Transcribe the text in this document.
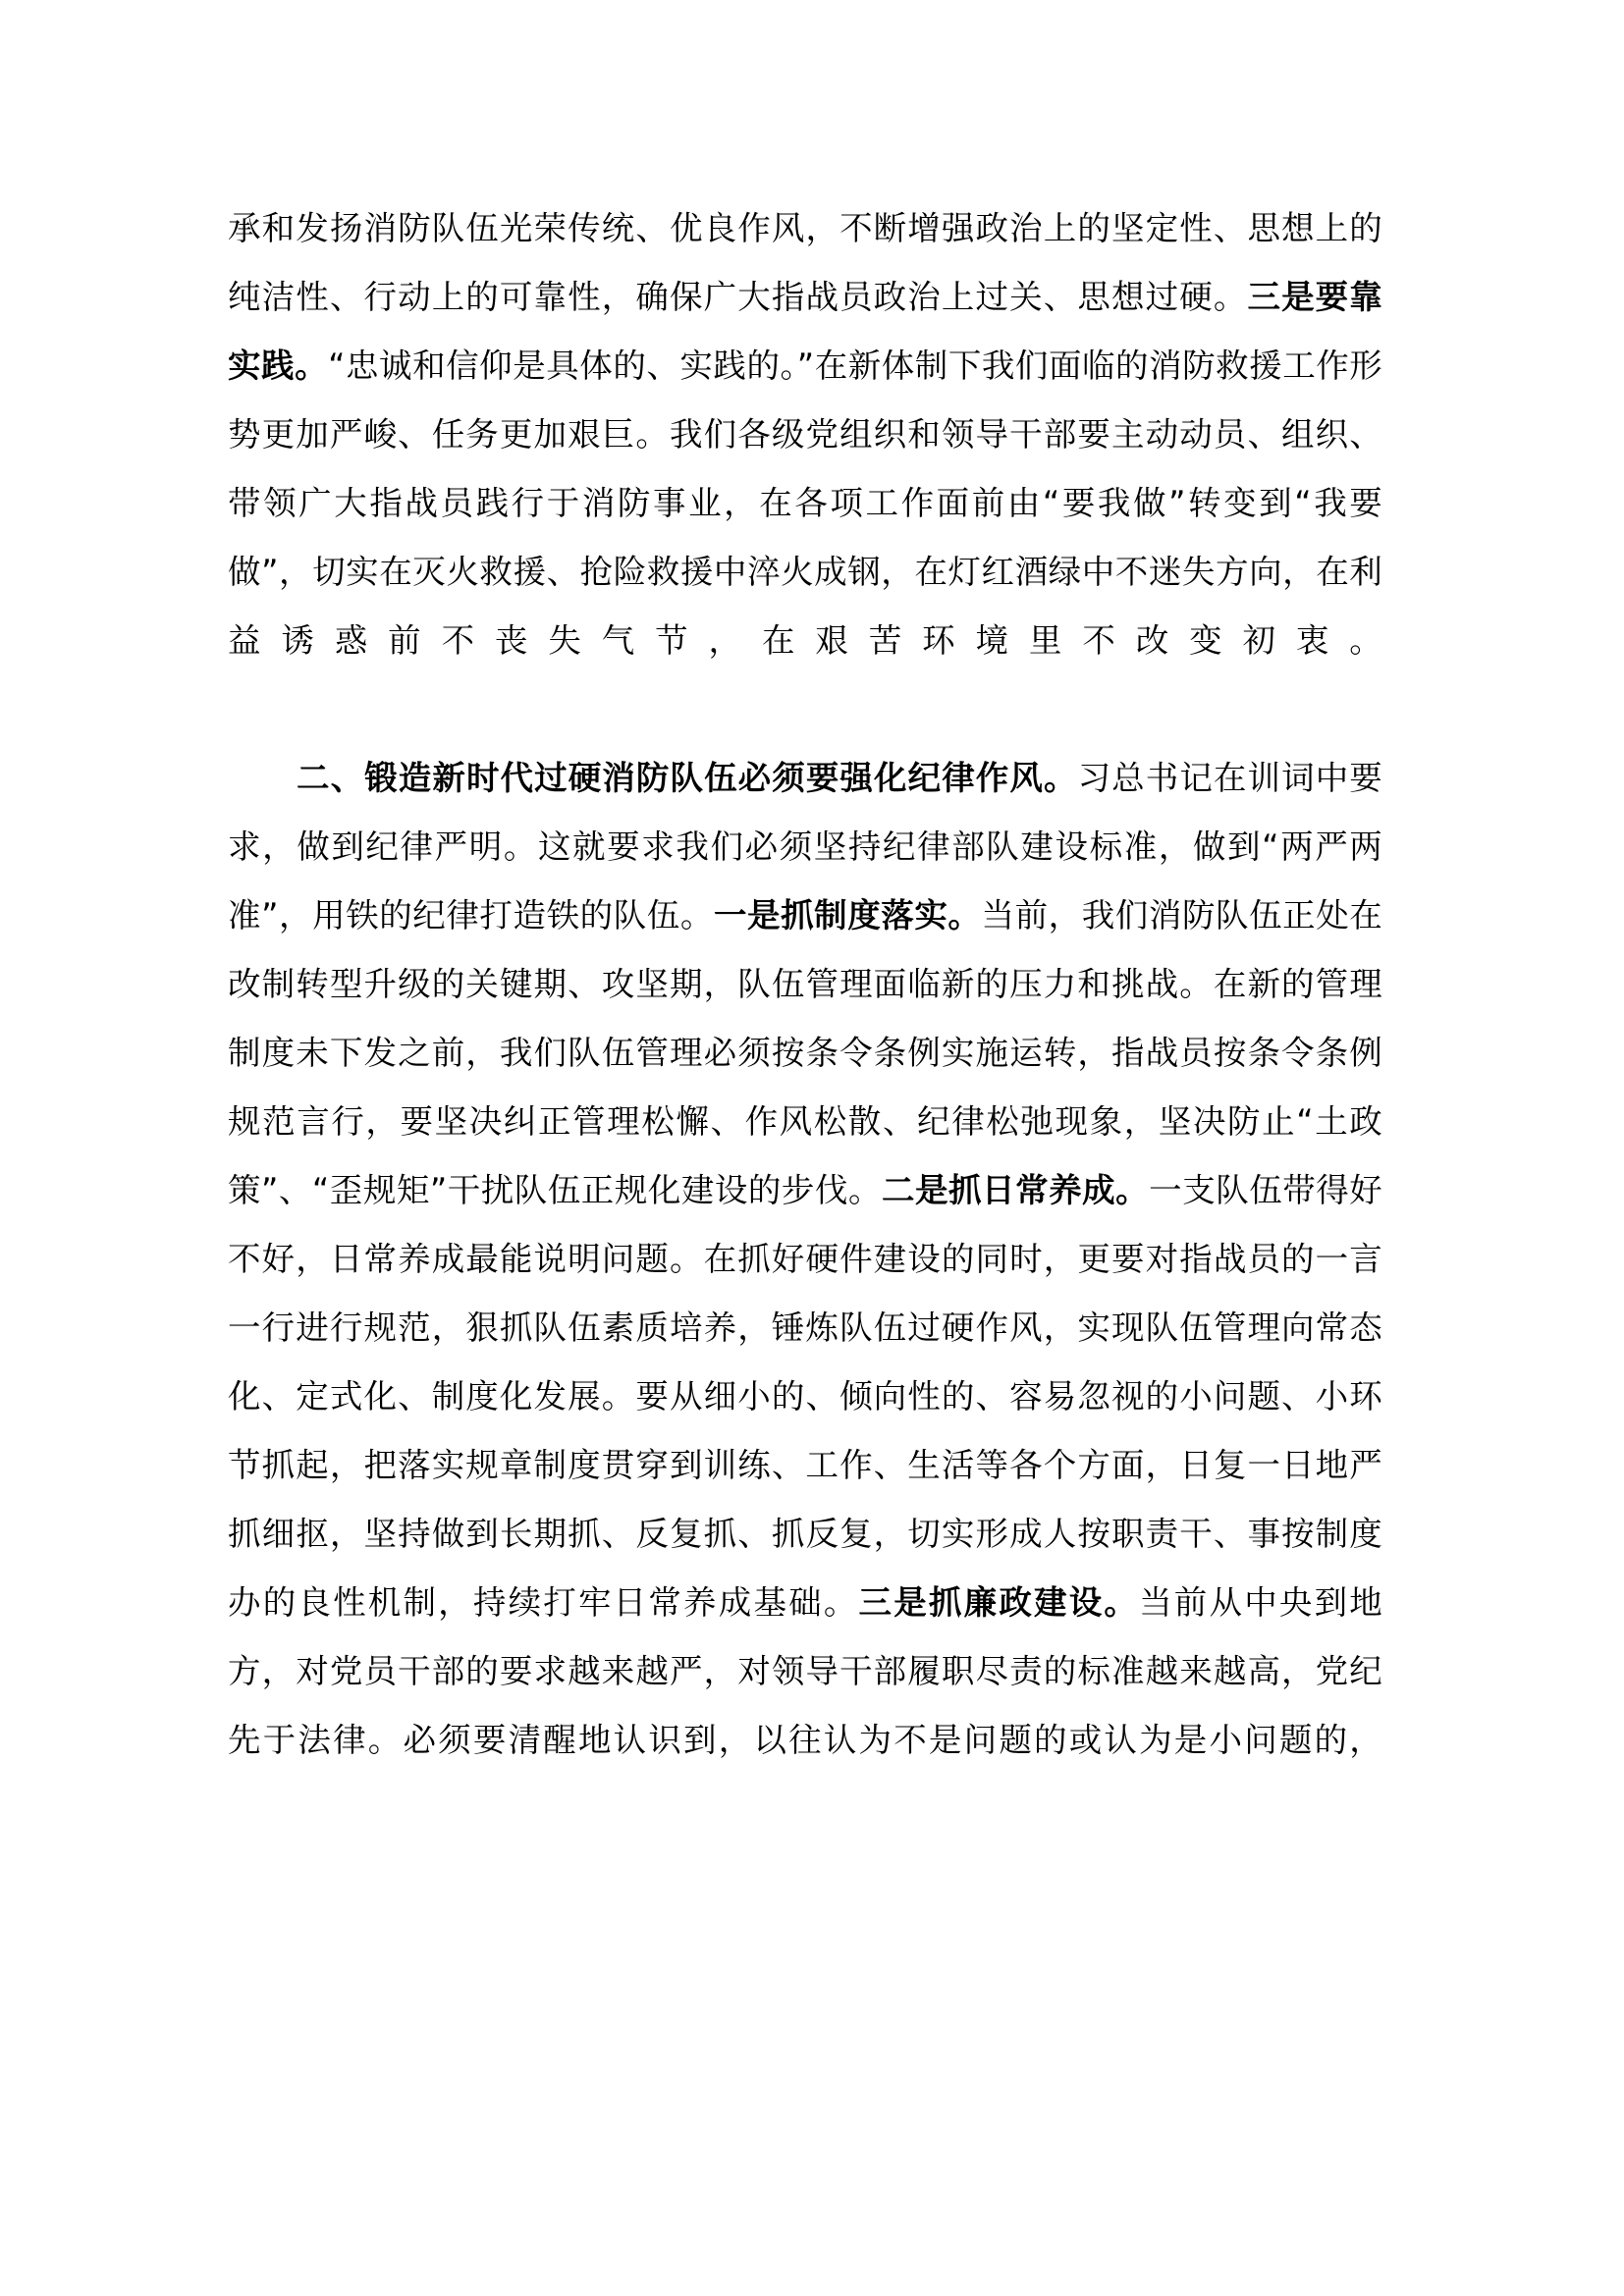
承和发扬消防队伍光荣传统、优良作风，不断增强政治上的坚定性、思想上的纯洁性、行动上的可靠性，确保广大指战员政治上过关、思想过硬。三是要靠实践。“忠诚和信仰是具体的、实践的。”在新体制下我们面临的消防救援工作形势更加严峻、任务更加艰巨。我们各级党组织和领导干部要主动动员、组织、带领广大指战员践行于消防事业，在各项工作面前由“要我做”转变到“我要做”，切实在灭火救援、抢险救援中淬火成钢，在灯红酒绿中不迷失方向，在利益诱惑前不丧失气节，在艰苦环境里不改变初衷。

二、锻造新时代过硬消防队伍必须要强化纪律作风。习总书记在训词中要求，做到纪律严明。这就要求我们必须坚持纪律部队建设标准，做到“两严两准”，用铁的纪律打造铁的队伍。一是抓制度落实。当前，我们消防队伍正处在改制转型升级的关键期、攻坚期，队伍管理面临新的压力和挑战。在新的管理制度未下发之前，我们队伍管理必须按条令条例实施运转，指战员按条令条例规范言行，要坚决纠正管理松懈、作风松散、纪律松弛现象，坚决防止“土政策”、“歪规矩”干扰队伍正规化建设的步伐。二是抓日常养成。一支队伍带得好不好，日常养成最能说明问题。在抓好硬件建设的同时，更要对指战员的一言一行进行规范，狠抓队伍素质培养，锤炼队伍过硬作风，实现队伍管理向常态化、定式化、制度化发展。要从细小的、倾向性的、容易忽视的小问题、小环节抓起，把落实规章制度贯穿到训练、工作、生活等各个方面，日复一日地严抓细抠，坚持做到长期抓、反复抓、抓反复，切实形成人按职责干、事按制度办的良性机制，持续打牢日常养成基础。三是抓廉政建设。当前从中央到地方，对党员干部的要求越来越严，对领导干部履职尽责的标准越来越高，党纪先于法律。必须要清醒地认识到，以往认为不是问题的或认为是小问题的，
